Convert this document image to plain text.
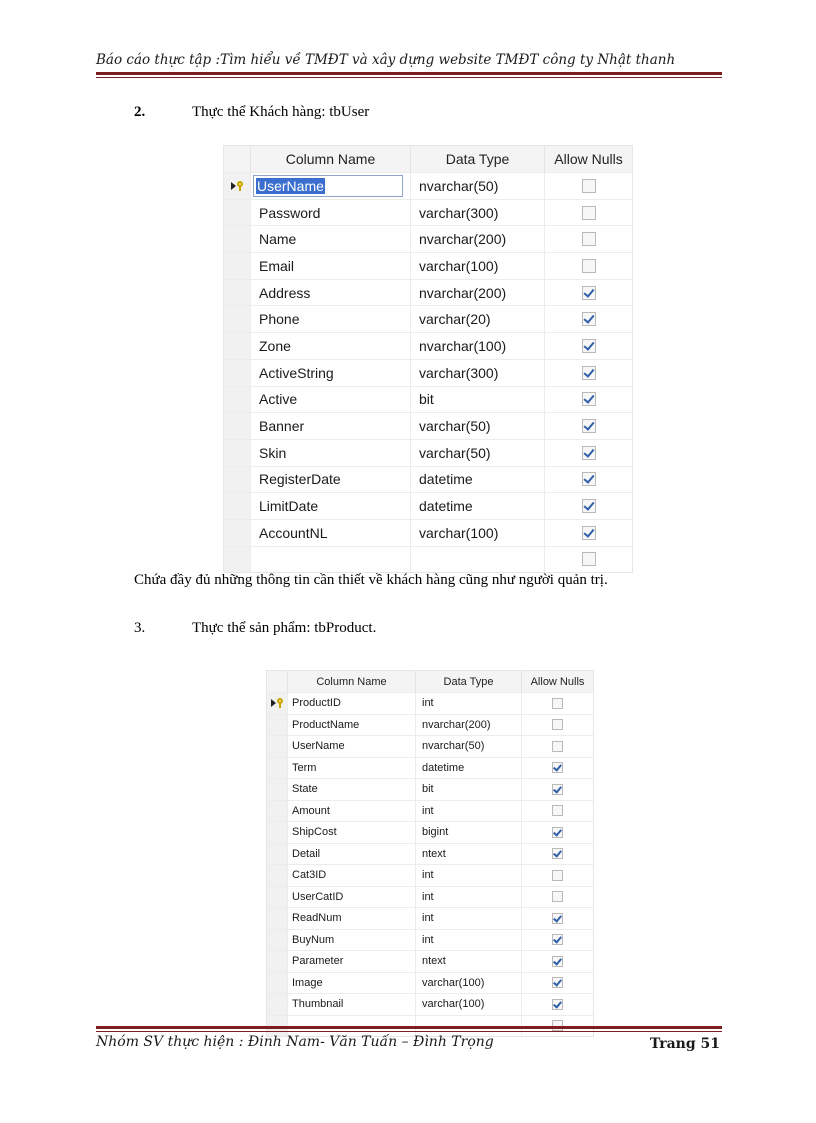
Báo cáo thực tập :Tìm hiểu về TMĐT và xây dựng website TMĐT công ty Nhật thanh
2.	Thực thể Khách hàng: tbUser
Column Name	Data Type	Allow Nulls
UserName	nvarchar(50)
Password	varchar(300)
Name	nvarchar(200)
Email	varchar(100)
Address	nvarchar(200)
Phone	varchar(20)
Zone	nvarchar(100)
ActiveString	varchar(300)
Active	bit
Banner	varchar(50)
Skin	varchar(50)
RegisterDate	datetime
LimitDate	datetime
AccountNL	varchar(100)
Chứa đầy đủ những thông tin cần thiết về khách hàng cũng như người quản trị.
3.	Thực thể sản phẩm: tbProduct.
Column Name	Data Type	Allow Nulls
ProductID	int
ProductName	nvarchar(200)
UserName	nvarchar(50)
Term	datetime
State	bit
Amount	int
ShipCost	bigint
Detail	ntext
Cat3ID	int
UserCatID	int
ReadNum	int
BuyNum	int
Parameter	ntext
Image	varchar(100)
Thumbnail	varchar(100)
Nhóm SV thực hiện : Đinh Nam- Văn Tuấn – Đình Trọng	Trang 51
